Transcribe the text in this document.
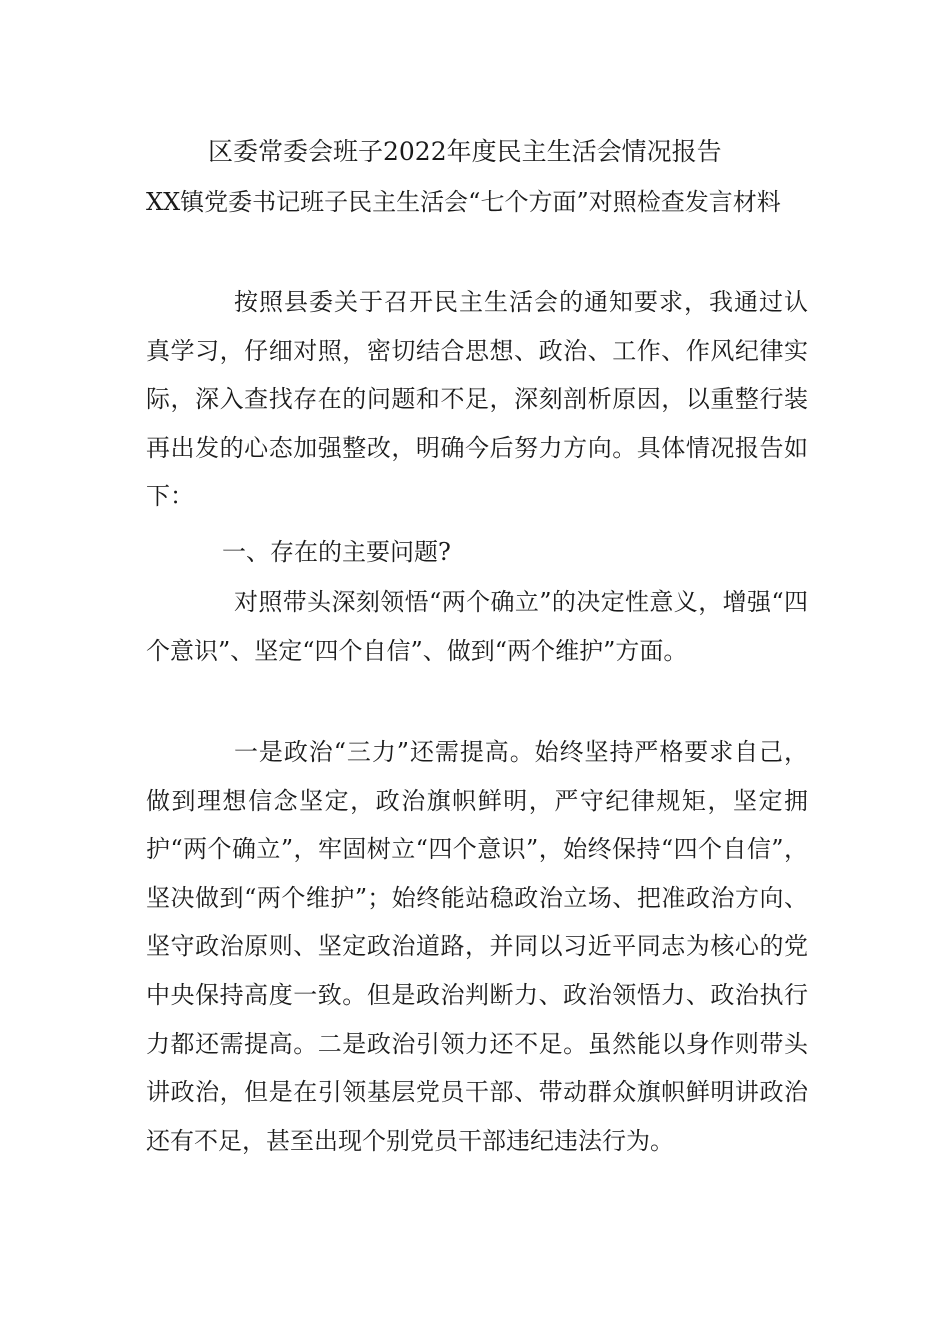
区委常委会班子2022年度民主生活会情况报告

XX镇党委书记班子民主生活会“七个方面”对照检查发言材料

按照县委关于召开民主生活会的通知要求，我通过认真学习，仔细对照，密切结合思想、政治、工作、作风纪律实际，深入查找存在的问题和不足，深刻剖析原因，以重整行装再出发的心态加强整改，明确今后努力方向。具体情况报告如下：

一、存在的主要问题?

对照带头深刻领悟“两个确立”的决定性意义，增强“四个意识”、坚定“四个自信”、做到“两个维护”方面。

一是政治“三力”还需提高。始终坚持严格要求自己，做到理想信念坚定，政治旗帜鲜明，严守纪律规矩，坚定拥护“两个确立”，牢固树立“四个意识”，始终保持“四个自信”，坚决做到“两个维护”；始终能站稳政治立场、把准政治方向、坚守政治原则、坚定政治道路，并同以习近平同志为核心的党中央保持高度一致。但是政治判断力、政治领悟力、政治执行力都还需提高。二是政治引领力还不足。虽然能以身作则带头讲政治，但是在引领基层党员干部、带动群众旗帜鲜明讲政治还有不足，甚至出现个别党员干部违纪违法行为。
